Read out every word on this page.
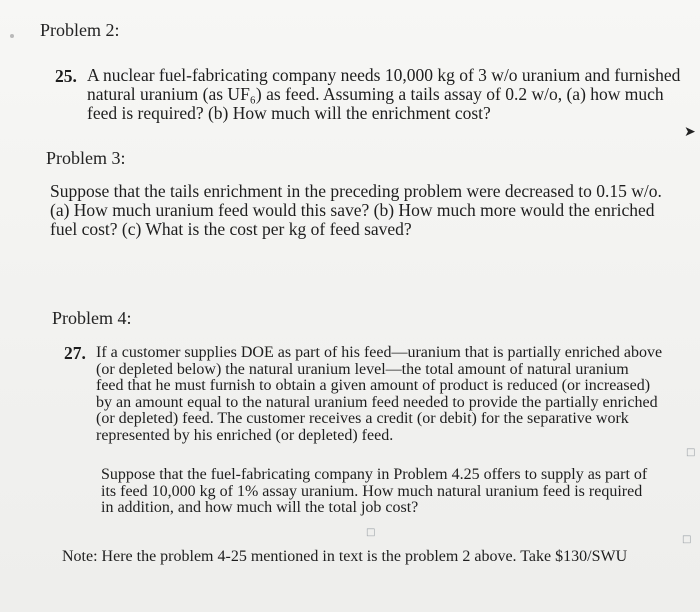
Problem 2:
25. A nuclear fuel-fabricating company needs 10,000 kg of 3 w/o uranium and furnished
natural uranium (as UF₆) as feed. Assuming a tails assay of 0.2 w/o, (a) how much
feed is required? (b) How much will the enrichment cost?
➤
Problem 3:
Suppose that the tails enrichment in the preceding problem were decreased to 0.15 w/o.
(a) How much uranium feed would this save? (b) How much more would the enriched
fuel cost? (c) What is the cost per kg of feed saved?
Problem 4:
27. If a customer supplies DOE as part of his feed—uranium that is partially enriched above
(or depleted below) the natural uranium level—the total amount of natural uranium
feed that he must furnish to obtain a given amount of product is reduced (or increased)
by an amount equal to the natural uranium feed needed to provide the partially enriched
(or depleted) feed. The customer receives a credit (or debit) for the separative work
represented by his enriched (or depleted) feed.
□
Suppose that the fuel-fabricating company in Problem 4.25 offers to supply as part of
its feed 10,000 kg of 1% assay uranium. How much natural uranium feed is required
in addition, and how much will the total job cost?
□
□
Note: Here the problem 4-25 mentioned in text is the problem 2 above. Take $130/SWU
